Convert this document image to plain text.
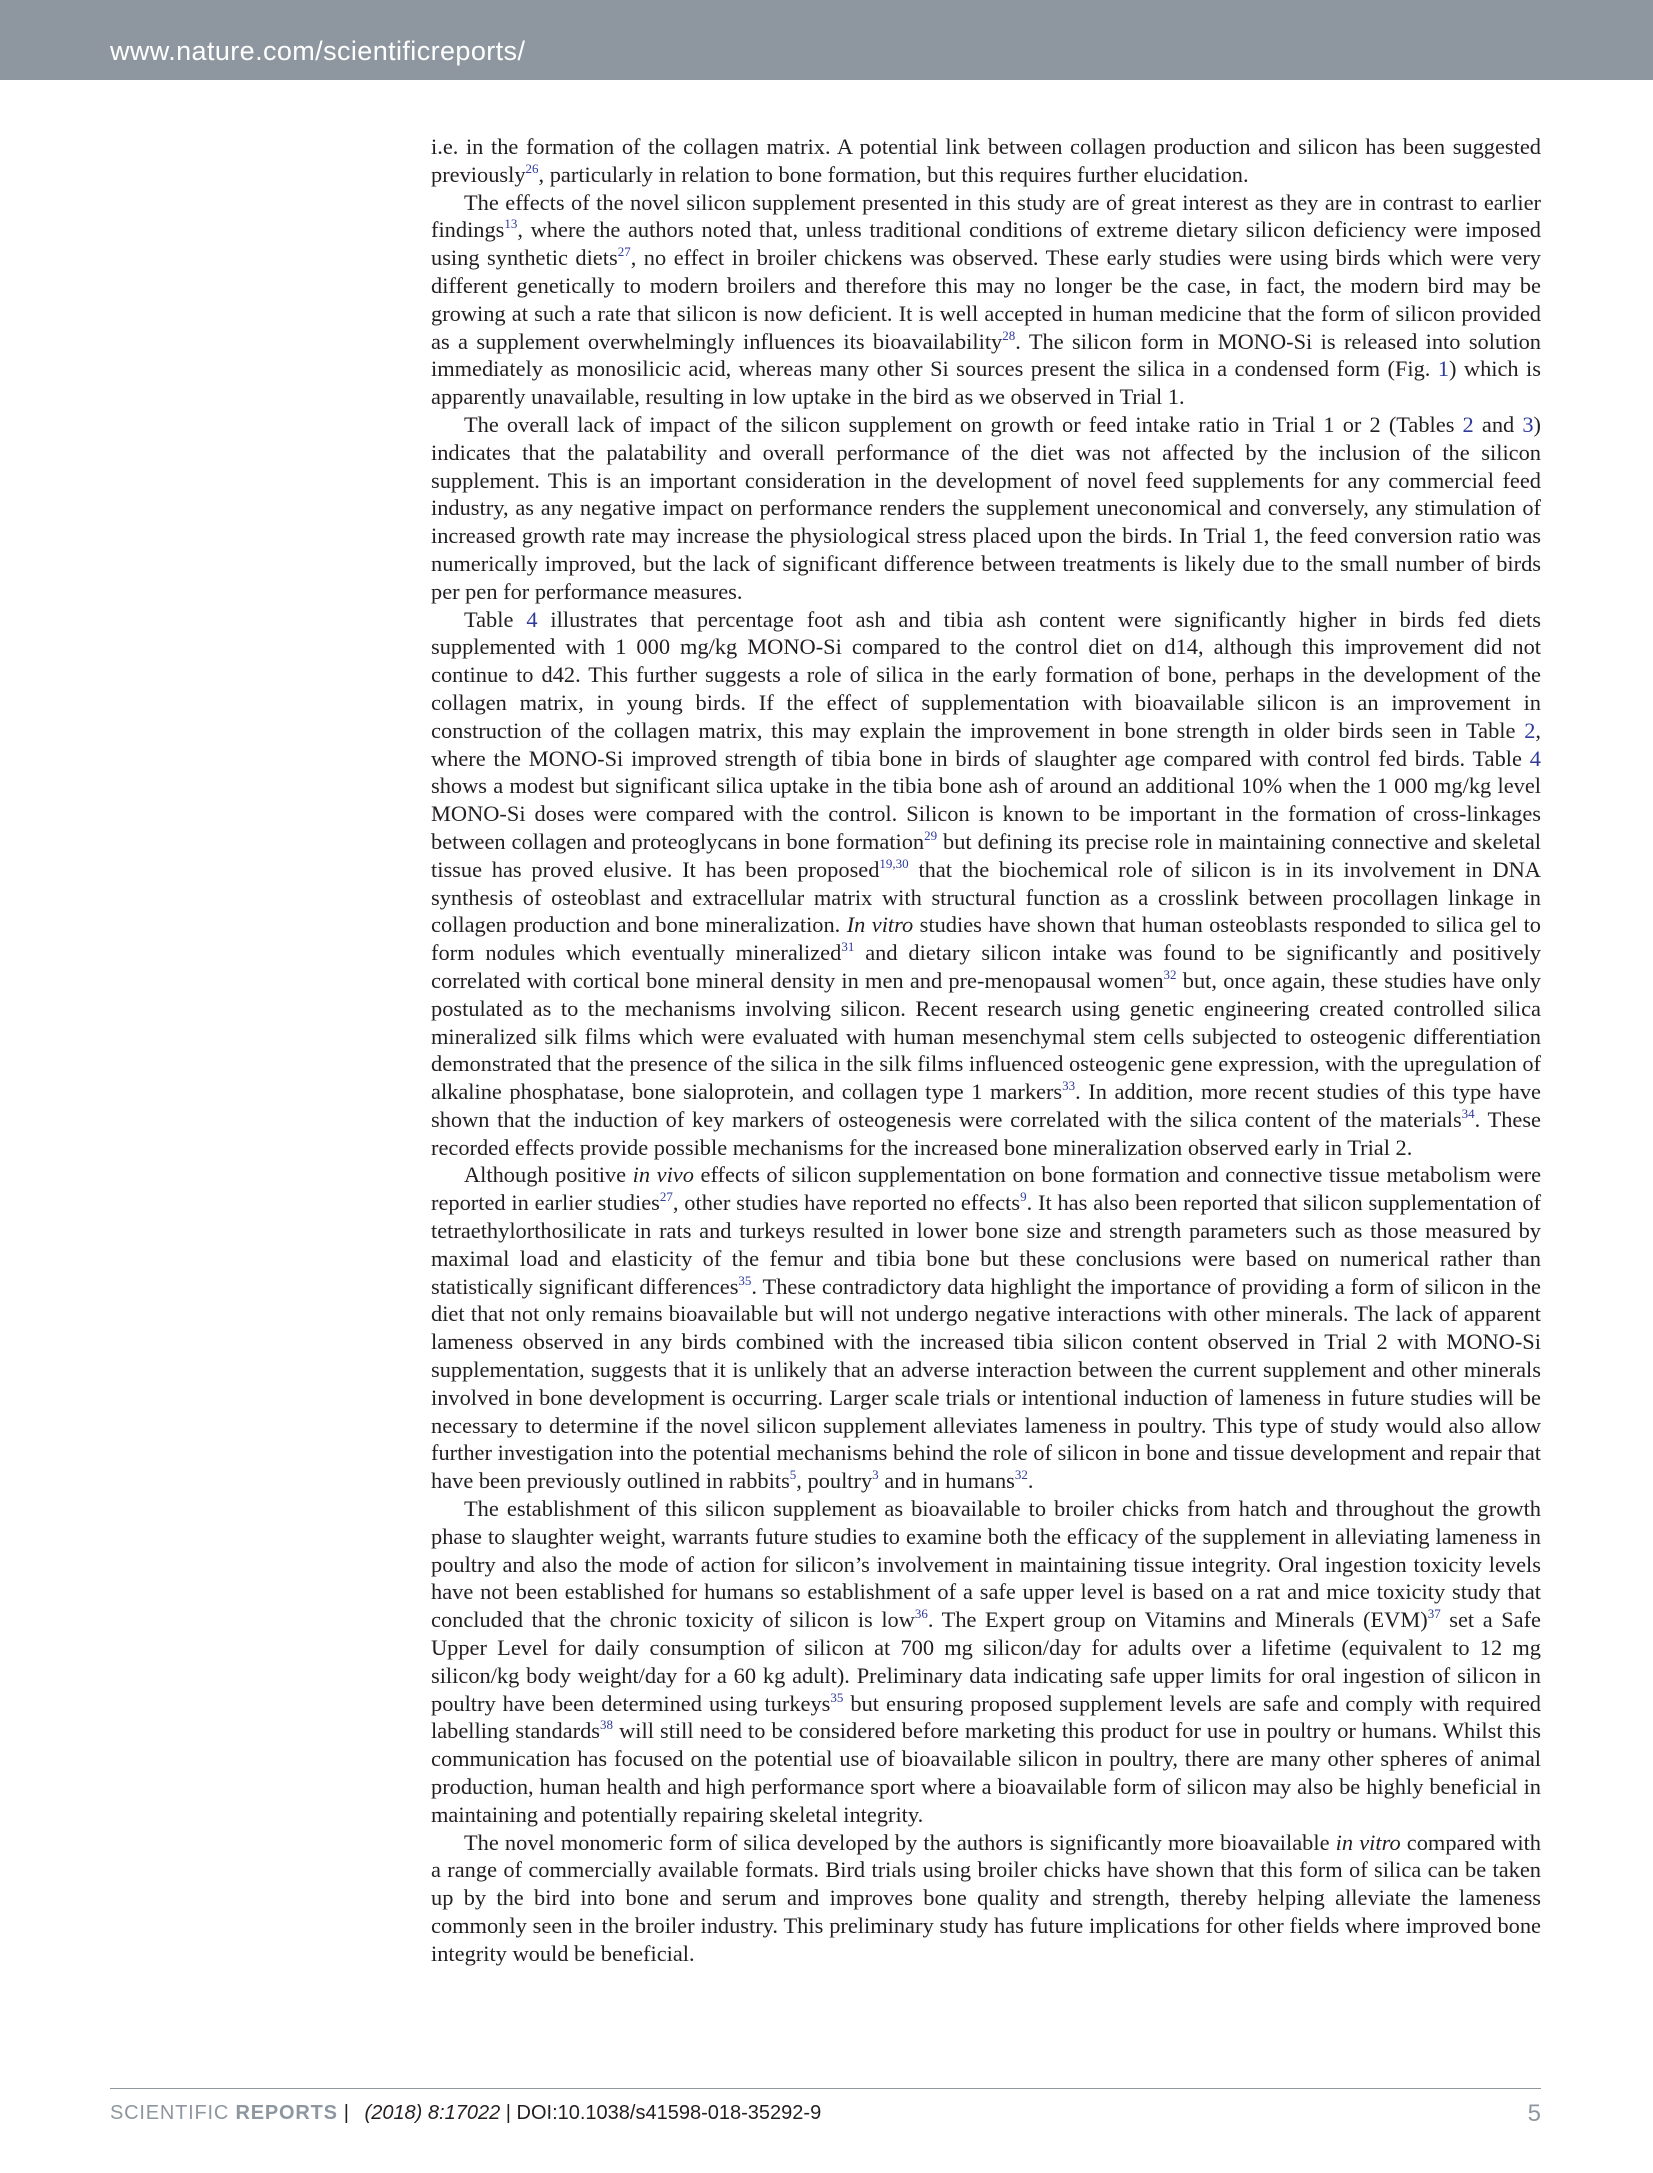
www.nature.com/scientificreports/

i.e. in the formation of the collagen matrix. A potential link between collagen production and silicon has been suggested previously$^{26}$, particularly in relation to bone formation, but this requires further elucidation.

The effects of the novel silicon supplement presented in this study are of great interest as they are in contrast to earlier findings$^{13}$, where the authors noted that, unless traditional conditions of extreme dietary silicon deficiency were imposed using synthetic diets$^{27}$, no effect in broiler chickens was observed. These early studies were using birds which were very different genetically to modern broilers and therefore this may no longer be the case, in fact, the modern bird may be growing at such a rate that silicon is now deficient. It is well accepted in human medicine that the form of silicon provided as a supplement overwhelmingly influences its bioavailability$^{28}$. The silicon form in MONO-Si is released into solution immediately as monosilicic acid, whereas many other Si sources present the silica in a condensed form (Fig. 1) which is apparently unavailable, resulting in low uptake in the bird as we observed in Trial 1.

The overall lack of impact of the silicon supplement on growth or feed intake ratio in Trial 1 or 2 (Tables 2 and 3) indicates that the palatability and overall performance of the diet was not affected by the inclusion of the silicon supplement. This is an important consideration in the development of novel feed supplements for any commercial feed industry, as any negative impact on performance renders the supplement uneconomical and conversely, any stimulation of increased growth rate may increase the physiological stress placed upon the birds. In Trial 1, the feed conversion ratio was numerically improved, but the lack of significant difference between treatments is likely due to the small number of birds per pen for performance measures.

Table 4 illustrates that percentage foot ash and tibia ash content were significantly higher in birds fed diets supplemented with 1 000 mg/kg MONO-Si compared to the control diet on d14, although this improvement did not continue to d42. This further suggests a role of silica in the early formation of bone, perhaps in the development of the collagen matrix, in young birds. If the effect of supplementation with bioavailable silicon is an improvement in construction of the collagen matrix, this may explain the improvement in bone strength in older birds seen in Table 2, where the MONO-Si improved strength of tibia bone in birds of slaughter age compared with control fed birds. Table 4 shows a modest but significant silica uptake in the tibia bone ash of around an additional 10% when the 1 000 mg/kg level MONO-Si doses were compared with the control. Silicon is known to be important in the formation of cross-linkages between collagen and proteoglycans in bone formation$^{29}$ but defining its precise role in maintaining connective and skeletal tissue has proved elusive. It has been proposed$^{19,30}$ that the biochemical role of silicon is in its involvement in DNA synthesis of osteoblast and extracellular matrix with structural function as a crosslink between procollagen linkage in collagen production and bone mineralization. In vitro studies have shown that human osteoblasts responded to silica gel to form nodules which eventually mineralized$^{31}$ and dietary silicon intake was found to be significantly and positively correlated with cortical bone mineral density in men and pre-menopausal women$^{32}$ but, once again, these studies have only postulated as to the mechanisms involving silicon. Recent research using genetic engineering created controlled silica mineralized silk films which were evaluated with human mesenchymal stem cells subjected to osteogenic differentiation demonstrated that the presence of the silica in the silk films influenced osteogenic gene expression, with the upregulation of alkaline phosphatase, bone sialoprotein, and collagen type 1 markers$^{33}$. In addition, more recent studies of this type have shown that the induction of key markers of osteogenesis were correlated with the silica content of the materials$^{34}$. These recorded effects provide possible mechanisms for the increased bone mineralization observed early in Trial 2.

Although positive in vivo effects of silicon supplementation on bone formation and connective tissue metabolism were reported in earlier studies$^{27}$, other studies have reported no effects$^9$. It has also been reported that silicon supplementation of tetraethylorthosilicate in rats and turkeys resulted in lower bone size and strength parameters such as those measured by maximal load and elasticity of the femur and tibia bone but these conclusions were based on numerical rather than statistically significant differences$^{35}$. These contradictory data highlight the importance of providing a form of silicon in the diet that not only remains bioavailable but will not undergo negative interactions with other minerals. The lack of apparent lameness observed in any birds combined with the increased tibia silicon content observed in Trial 2 with MONO-Si supplementation, suggests that it is unlikely that an adverse interaction between the current supplement and other minerals involved in bone development is occurring. Larger scale trials or intentional induction of lameness in future studies will be necessary to determine if the novel silicon supplement alleviates lameness in poultry. This type of study would also allow further investigation into the potential mechanisms behind the role of silicon in bone and tissue development and repair that have been previously outlined in rabbits$^5$, poultry$^3$ and in humans$^{32}$.

The establishment of this silicon supplement as bioavailable to broiler chicks from hatch and throughout the growth phase to slaughter weight, warrants future studies to examine both the efficacy of the supplement in alleviating lameness in poultry and also the mode of action for silicon’s involvement in maintaining tissue integrity. Oral ingestion toxicity levels have not been established for humans so establishment of a safe upper level is based on a rat and mice toxicity study that concluded that the chronic toxicity of silicon is low$^{36}$. The Expert group on Vitamins and Minerals (EVM)$^{37}$ set a Safe Upper Level for daily consumption of silicon at 700 mg silicon/day for adults over a lifetime (equivalent to 12 mg silicon/kg body weight/day for a 60 kg adult). Preliminary data indicating safe upper limits for oral ingestion of silicon in poultry have been determined using turkeys$^{35}$ but ensuring proposed supplement levels are safe and comply with required labelling standards$^{38}$ will still need to be considered before marketing this product for use in poultry or humans. Whilst this communication has focused on the potential use of bioavailable silicon in poultry, there are many other spheres of animal production, human health and high performance sport where a bioavailable form of silicon may also be highly beneficial in maintaining and potentially repairing skeletal integrity.

The novel monomeric form of silica developed by the authors is significantly more bioavailable in vitro compared with a range of commercially available formats. Bird trials using broiler chicks have shown that this form of silica can be taken up by the bird into bone and serum and improves bone quality and strength, thereby helping alleviate the lameness commonly seen in the broiler industry. This preliminary study has future implications for other fields where improved bone integrity would be beneficial.

SCIENTIFIC REPORTS | (2018) 8:17022 | DOI:10.1038/s41598-018-35292-9	5
